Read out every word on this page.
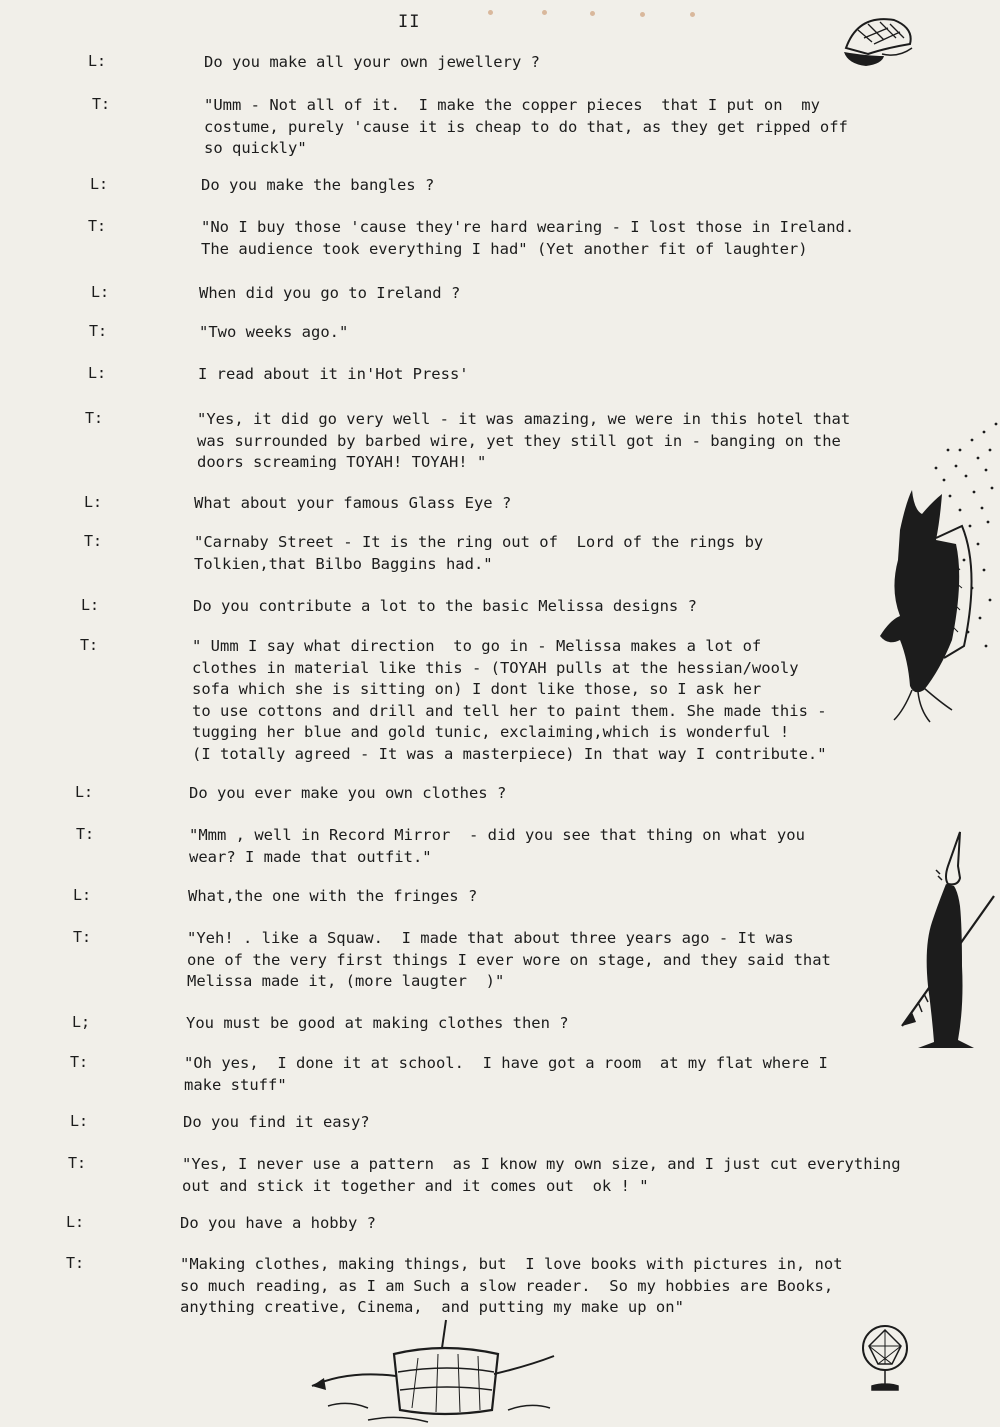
II
L:	Do you make all your own jewellery ?
T:	"Umm - Not all of it.  I make the copper pieces  that I put on  my
costume, purely 'cause it is cheap to do that, as they get ripped off
so quickly"
L:	Do you make the bangles ?
T:	"No I buy those 'cause they're hard wearing - I lost those in Ireland.
The audience took everything I had" (Yet another fit of laughter)
L:	When did you go to Ireland ?
T:	"Two weeks ago."
L:	I read about it in'Hot Press'
T:	"Yes, it did go very well - it was amazing, we were in this hotel that
was surrounded by barbed wire, yet they still got in - banging on the
doors screaming TOYAH! TOYAH! "
L:	What about your famous Glass Eye ?
T:	"Carnaby Street - It is the ring out of  Lord of the rings by
Tolkien,that Bilbo Baggins had."
L:	Do you contribute a lot to the basic Melissa designs ?
T:	" Umm I say what direction  to go in - Melissa makes a lot of
clothes in material like this - (TOYAH pulls at the hessian/wooly
sofa which she is sitting on) I dont like those, so I ask her
to use cottons and drill and tell her to paint them. She made this -
tugging her blue and gold tunic, exclaiming,which is wonderful !
(I totally agreed - It was a masterpiece) In that way I contribute."
L:	Do you ever make you own clothes ?
T:	"Mmm , well in Record Mirror  - did you see that thing on what you
wear? I made that outfit."
L:	What,the one with the fringes ?
T:	"Yeh! . like a Squaw.  I made that about three years ago - It was
one of the very first things I ever wore on stage, and they said that
Melissa made it, (more laugter  )"
L;	You must be good at making clothes then ?
T:	"Oh yes,  I done it at school.  I have got a room  at my flat where I
make stuff"
L:	Do you find it easy?
T:	"Yes, I never use a pattern  as I know my own size, and I just cut everything
out and stick it together and it comes out  ok ! "
L:	Do you have a hobby ?
T:	"Making clothes, making things, but  I love books with pictures in, not
so much reading, as I am Such a slow reader.  So my hobbies are Books,
anything creative, Cinema,  and putting my make up on"
